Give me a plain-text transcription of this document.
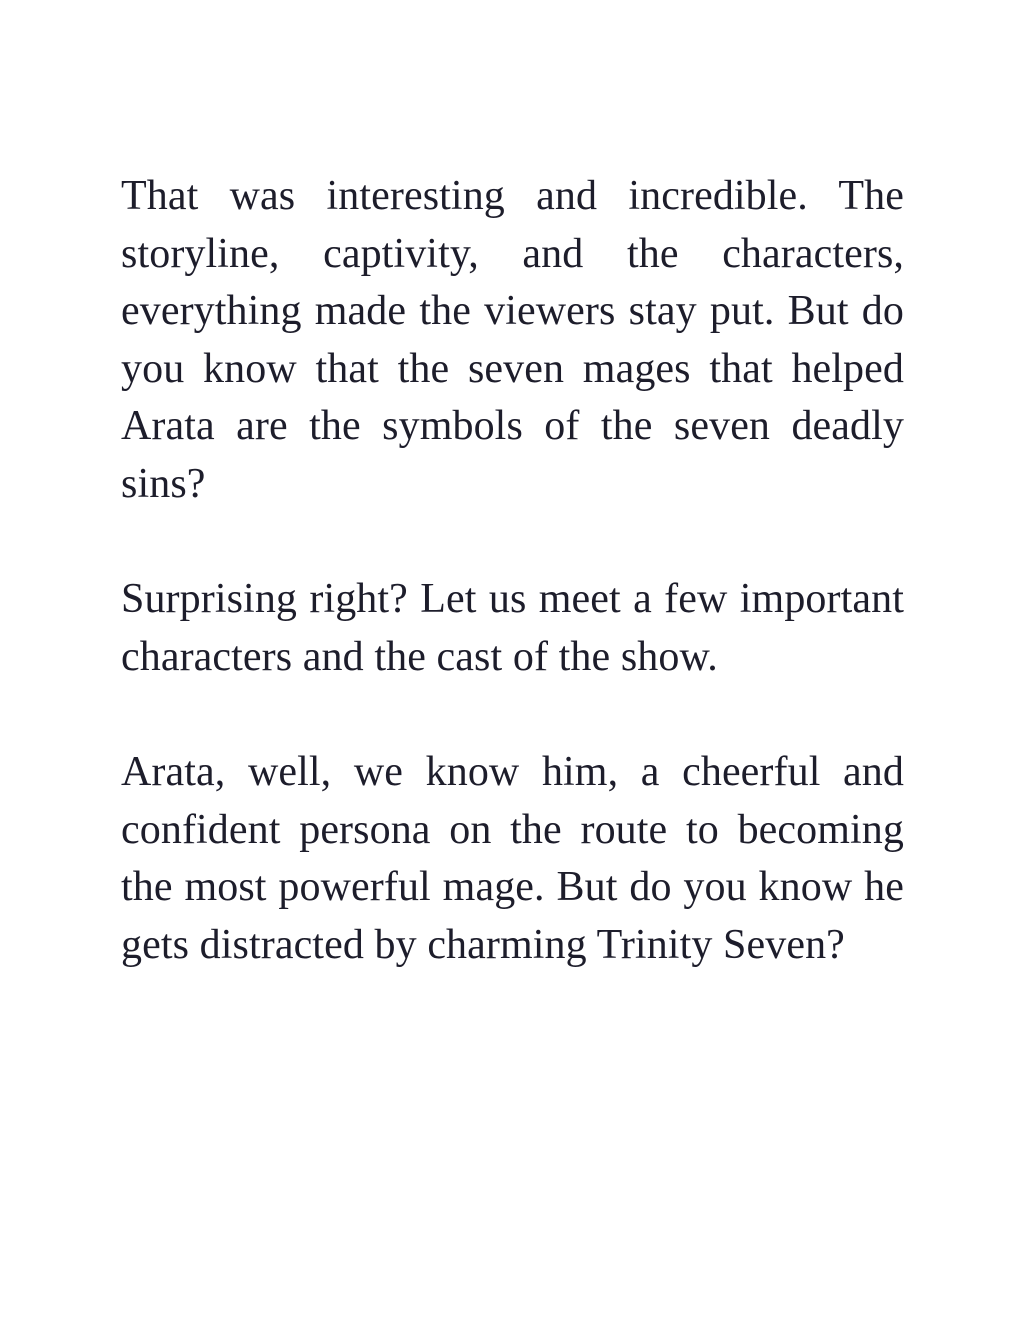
That was interesting and incredible. The storyline, captivity, and the characters, everything made the viewers stay put. But do you know that the seven mages that helped Arata are the symbols of the seven deadly sins?

Surprising right? Let us meet a few important characters and the cast of the show.

Arata, well, we know him, a cheerful and confident persona on the route to becoming the most powerful mage. But do you know he gets distracted by charming Trinity Seven?
